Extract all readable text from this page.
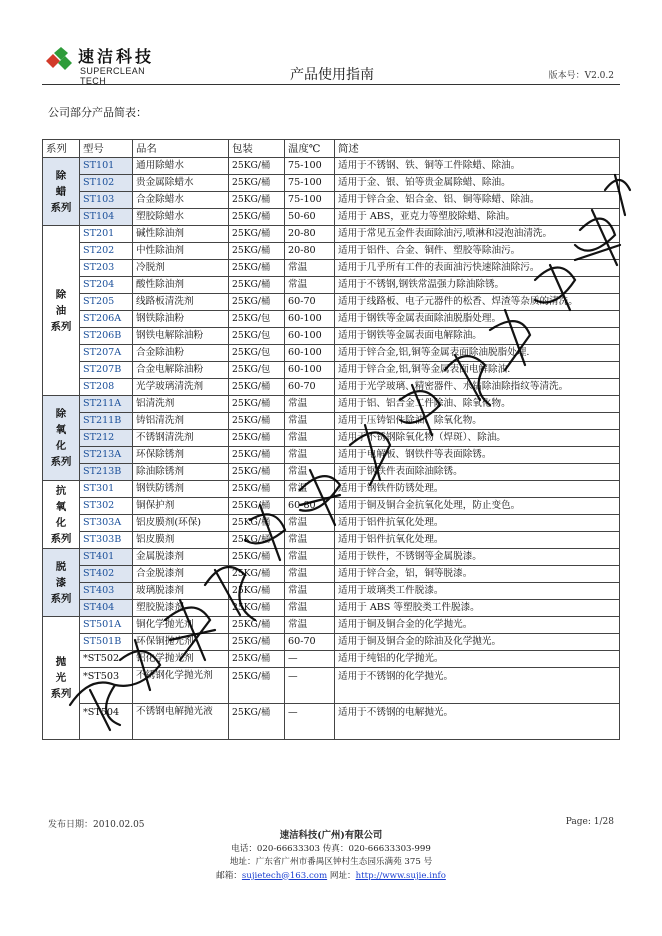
速洁科技
SUPERCLEAN TECH	产品使用指南	版本号：V2.0.2
公司部分产品简表：
系列	型号	品名	包装	温度℃	简述

除
蜡
系列	ST101	通用除蜡水	25KG/桶	75-100	适用于不锈钢、铁、铜等工件除蜡、除油。
	ST102	贵金属除蜡水	25KG/桶	75-100	适用于金、银、铂等贵金属除蜡、除油。
	ST103	合金除蜡水	25KG/桶	75-100	适用于锌合金、铝合金、铝、铜等除蜡、除油。
	ST104	塑胶除蜡水	25KG/桶	50-60	适用于 ABS，亚克力等塑胶除蜡、除油。

除
油
系列	ST201	碱性除油剂	25KG/桶	20-80	适用于常见五金件表面除油污,喷淋和浸泡油清洗。
	ST202	中性除油剂	25KG/桶	20-80	适用于铝件、合金、铜件、塑胶等除油污。
	ST203	冷脱剂	25KG/桶	常温	适用于几乎所有工件的表面油污快速除油除污。
	ST204	酸性除油剂	25KG/桶	常温	适用于不锈钢,钢铁常温强力除油除锈。
	ST205	线路板清洗剂	25KG/桶	60-70	适用于线路板、电子元器件的松香、焊渣等杂质的清洗。
	ST206A	钢铁除油粉	25KG/包	60-100	适用于钢铁等金属表面除油脱脂处理。
	ST206B	钢铁电解除油粉	25KG/包	60-100	适用于钢铁等金属表面电解除油。
	ST207A	合金除油粉	25KG/包	60-100	适用于锌合金,铝,铜等金属表面除油脱脂处理.
	ST207B	合金电解除油粉	25KG/包	60-100	适用于锌合金,铝,铜等金属表面电解除油.
	ST208	光学玻璃清洗剂	25KG/桶	60-70	适用于光学玻璃、精密器件、水钻除油除指纹等清洗。

除
氧
化
系列	ST211A	铝清洗剂	25KG/桶	常温	适用于铝、铝合金工件除油、除氧化物。
	ST211B	铸铝清洗剂	25KG/桶	常温	适用于压铸铝件除油、除氧化物。
	ST212	不锈钢清洗剂	25KG/桶	常温	适用于不锈钢除氧化物（焊斑）、除油。
	ST213A	环保除锈剂	25KG/桶	常温	适用于电解板、钢铁件等表面除锈。
	ST213B	除油除锈剂	25KG/桶	常温	适用于钢铁件表面除油除锈。

抗
氧
化
系列	ST301	钢铁防锈剂	25KG/桶	常温	适用于钢铁件防锈处理。
	ST302	铜保护剂	25KG/桶	60-80	适用于铜及铜合金抗氧化处理，防止变色。
	ST303A	铝皮膜剂(环保)	25KG/桶	常温	适用于铝件抗氧化处理。
	ST303B	铝皮膜剂	25KG/桶	常温	适用于铝件抗氧化处理。

脱
漆
系列	ST401	金属脱漆剂	25KG/桶	常温	适用于铁件，不锈钢等金属脱漆。
	ST402	合金脱漆剂	25KG/桶	常温	适用于锌合金，铝，铜等脱漆。
	ST403	玻璃脱漆剂	25KG/桶	常温	适用于玻璃类工件脱漆。
	ST404	塑胶脱漆剂	25KG/桶	常温	适用于 ABS 等塑胶类工件脱漆。

抛
光
系列	ST501A	铜化学抛光剂	25KG/桶	常温	适用于铜及铜合金的化学抛光。
	ST501B	环保铜抛光剂	25KG/桶	60-70	适用于铜及铜合金的除油及化学抛光。
	*ST502	铝化学抛光剂	25KG/桶	—	适用于纯铝的化学抛光。
	*ST503	不锈钢化学抛光剂	25KG/桶	—	适用于不锈钢的化学抛光。
	*ST504	不锈钢电解抛光液	25KG/桶	—	适用于不锈钢的电解抛光。
发布日期：2010.02.05	Page: 1/28
速洁科技(广州)有限公司
电话：020-66633303 传真：020-66633303-999
地址：广东省广州市番禺区钟村生态园乐满苑 375 号
邮箱：sujietech@163.com 网址：http://www.sujie.info
